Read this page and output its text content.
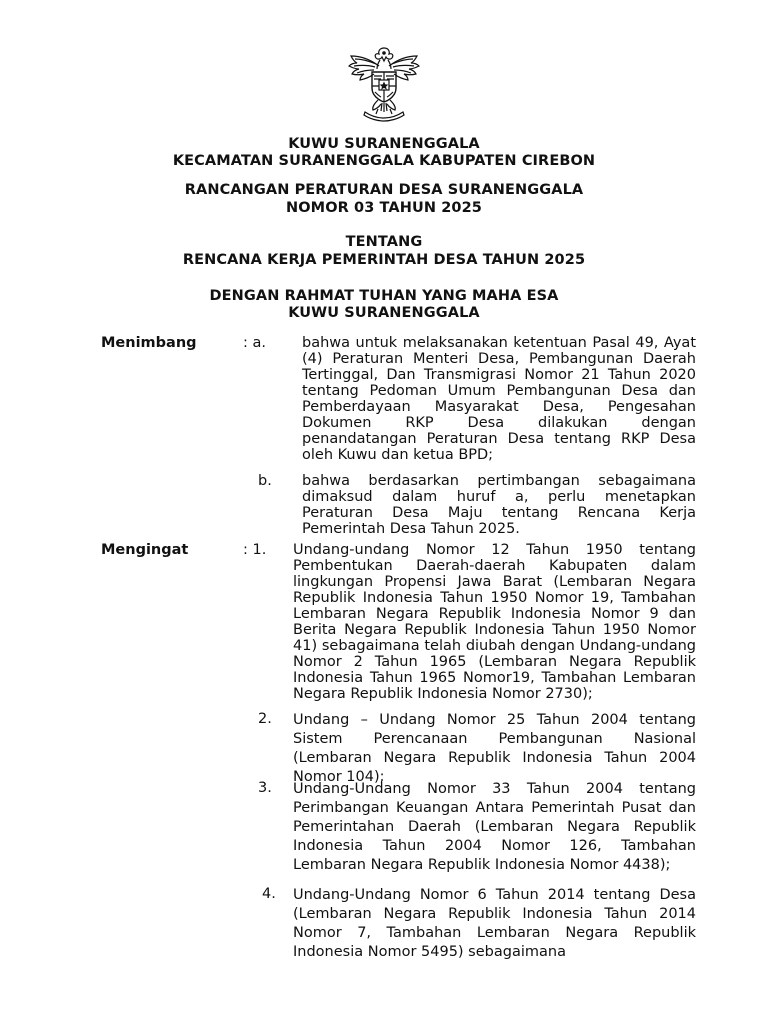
KUWU SURANENGGALA
KECAMATAN SURANENGGALA KABUPATEN CIREBON
RANCANGAN PERATURAN DESA SURANENGGALA
NOMOR 03 TAHUN 2025
TENTANG
RENCANA KERJA PEMERINTAH DESA TAHUN 2025
DENGAN RAHMAT TUHAN YANG MAHA ESA
KUWU SURANENGGALA
Menimbang	: a. bahwa untuk melaksanakan ketentuan Pasal 49, Ayat (4) Peraturan Menteri Desa, Pembangunan Daerah Tertinggal, Dan Transmigrasi Nomor 21 Tahun 2020 tentang Pedoman Umum Pembangunan Desa dan Pemberdayaan Masyarakat Desa, Pengesahan Dokumen RKP Desa dilakukan dengan penandatangan Peraturan Desa tentang RKP Desa oleh Kuwu dan ketua BPD;
b. bahwa berdasarkan pertimbangan sebagaimana dimaksud dalam huruf a, perlu menetapkan Peraturan Desa Maju tentang Rencana Kerja Pemerintah Desa Tahun 2025.
Mengingat	: 1. Undang-undang Nomor 12 Tahun 1950 tentang Pembentukan Daerah-daerah Kabupaten dalam lingkungan Propensi Jawa Barat (Lembaran Negara Republik Indonesia Tahun 1950 Nomor 19, Tambahan Lembaran Negara Republik Indonesia Nomor 9 dan Berita Negara Republik Indonesia Tahun 1950 Nomor 41) sebagaimana telah diubah dengan Undang-undang Nomor 2 Tahun 1965 (Lembaran Negara Republik Indonesia Tahun 1965 Nomor19, Tambahan Lembaran Negara Republik Indonesia Nomor 2730);
2. Undang – Undang Nomor 25 Tahun 2004 tentang Sistem Perencanaan Pembangunan Nasional (Lembaran Negara Republik Indonesia Tahun 2004 Nomor 104);
3. Undang-Undang Nomor 33 Tahun 2004 tentang Perimbangan Keuangan Antara Pemerintah Pusat dan Pemerintahan Daerah (Lembaran Negara Republik Indonesia Tahun 2004 Nomor 126, Tambahan Lembaran Negara Republik Indonesia Nomor 4438);
4. Undang-Undang Nomor 6 Tahun 2014 tentang Desa (Lembaran Negara Republik Indonesia Tahun 2014 Nomor 7, Tambahan Lembaran Negara Republik Indonesia Nomor 5495) sebagaimana
